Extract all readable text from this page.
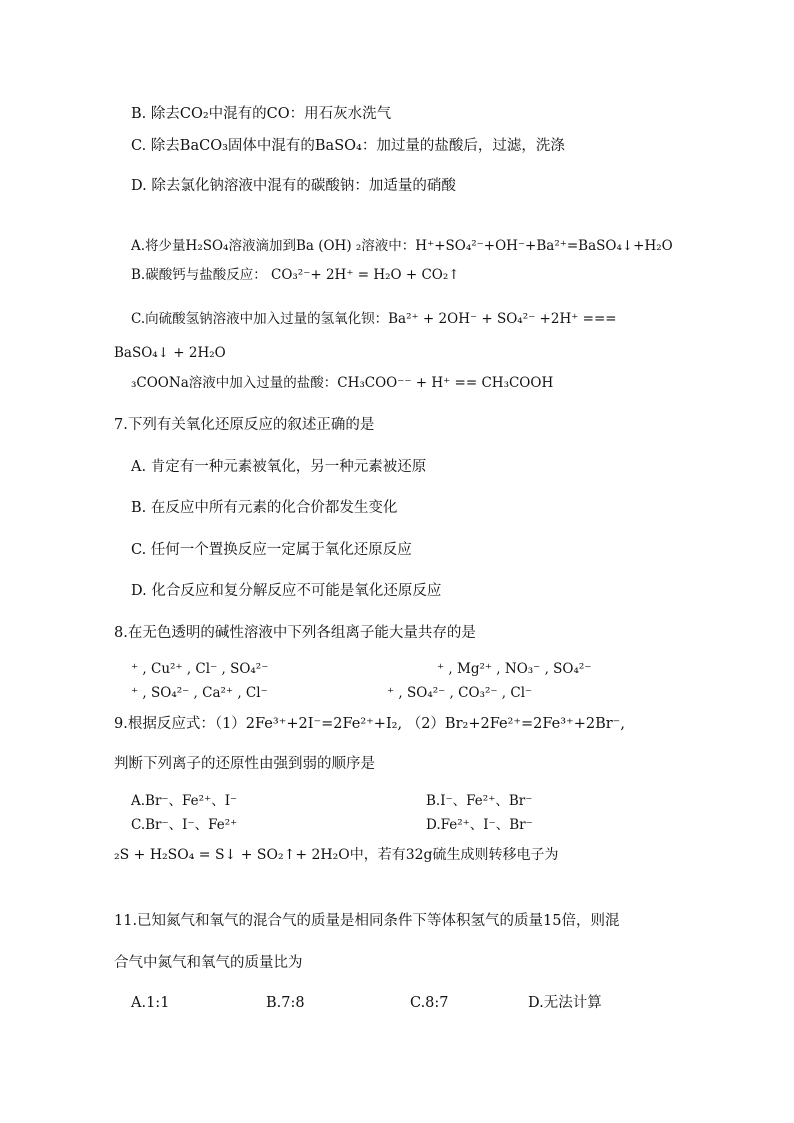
B. 除去CO₂中混有的CO：用石灰水洗气
C. 除去BaCO₃固体中混有的BaSO₄：加过量的盐酸后，过滤，洗涤
D. 除去氯化钠溶液中混有的碳酸钠：加适量的硝酸
A.将少量H₂SO₄溶液滴加到Ba (OH) ₂溶液中：H⁺+SO₄²⁻+OH⁻+Ba²⁺=BaSO₄↓+H₂O
B.碳酸钙与盐酸反应： CO₃²⁻+ 2H⁺ = H₂O + CO₂↑
C.向硫酸氢钠溶液中加入过量的氢氧化钡：Ba²⁺ + 2OH⁻ + SO₄²⁻ +2H⁺ ===
BaSO₄↓ + 2H₂O
₃COONa溶液中加入过量的盐酸：CH₃COO⁻⁻ + H⁺ == CH₃COOH
7.下列有关氧化还原反应的叙述正确的是
A. 肯定有一种元素被氧化，另一种元素被还原
B. 在反应中所有元素的化合价都发生变化
C. 任何一个置换反应一定属于氧化还原反应
D. 化合反应和复分解反应不可能是氧化还原反应
8.在无色透明的碱性溶液中下列各组离子能大量共存的是
⁺ , Cu²⁺ , Cl⁻ , SO₄²⁻	⁺ , Mg²⁺ , NO₃⁻ , SO₄²⁻
⁺ , SO₄²⁻ , Ca²⁺ , Cl⁻	⁺ , SO₄²⁻ , CO₃²⁻ , Cl⁻
9.根据反应式：（1）2Fe³⁺+2I⁻=2Fe²⁺+I₂, （2）Br₂+2Fe²⁺=2Fe³⁺+2Br⁻,
判断下列离子的还原性由强到弱的顺序是
A.Br⁻、Fe²⁺、I⁻	B.I⁻、Fe²⁺、Br⁻
C.Br⁻、I⁻、Fe²⁺	D.Fe²⁺、I⁻、Br⁻
₂S + H₂SO₄ = S↓ + SO₂↑+ 2H₂O中，若有32g硫生成则转移电子为
11.已知氮气和氧气的混合气的质量是相同条件下等体积氢气的质量15倍，则混
合气中氮气和氧气的质量比为
A.1:1	B.7:8	C.8:7	D.无法计算
